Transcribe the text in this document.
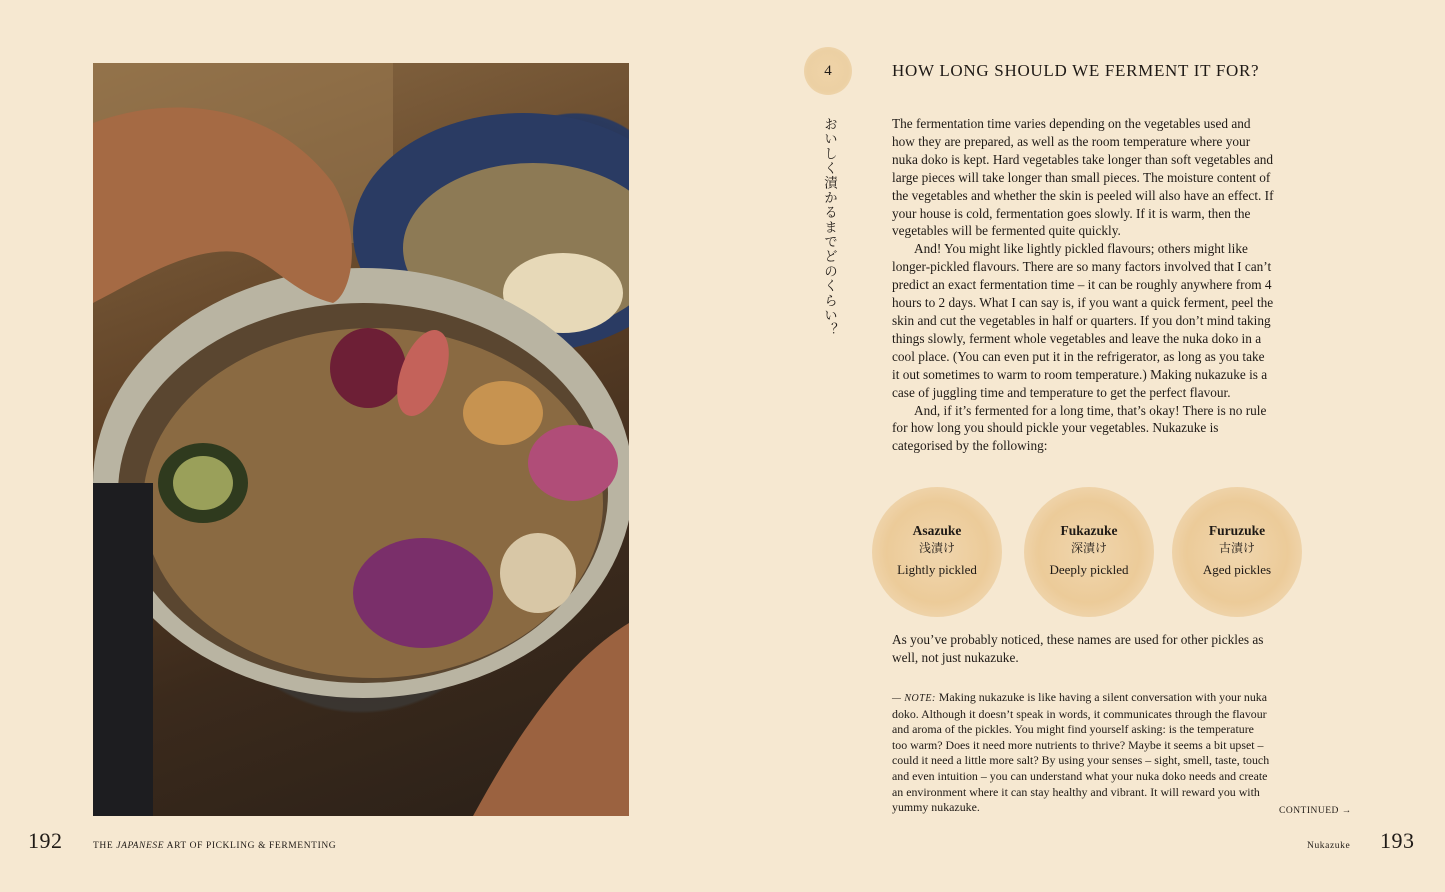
192	THE JAPANESE ART OF PICKLING & FERMENTING
4
おいしく漬かるまでどのくらい？
HOW LONG SHOULD WE FERMENT IT FOR?

The fermentation time varies depending on the vegetables used and how they are prepared, as well as the room temperature where your nuka doko is kept. Hard vegetables take longer than soft vegetables and large pieces will take longer than small pieces. The moisture content of the vegetables and whether the skin is peeled will also have an effect. If your house is cold, fermentation goes slowly. If it is warm, then the vegetables will be fermented quite quickly.

And! You might like lightly pickled flavours; others might like longer-pickled flavours. There are so many factors involved that I can’t predict an exact fermentation time – it can be roughly anywhere from 4 hours to 2 days. What I can say is, if you want a quick ferment, peel the skin and cut the vegetables in half or quarters. If you don’t mind taking things slowly, ferment whole vegetables and leave the nuka doko in a cool place. (You can even put it in the refrigerator, as long as you take it out sometimes to warm to room temperature.) Making nukazuke is a case of juggling time and temperature to get the perfect flavour.

And, if it’s fermented for a long time, that’s okay! There is no rule for how long you should pickle your vegetables. Nukazuke is categorised by the following:

Asazuke
浅漬け
Lightly pickled
Fukazuke
深漬け
Deeply pickled
Furuzuke
古漬け
Aged pickles
As you’ve probably noticed, these names are used for other pickles as well, not just nukazuke.
— NOTE: Making nukazuke is like having a silent conversation with your nuka doko. Although it doesn’t speak in words, it communicates through the flavour and aroma of the pickles. You might find yourself asking: is the temperature too warm? Does it need more nutrients to thrive? Maybe it seems a bit upset – could it need a little more salt? By using your senses – sight, smell, taste, touch and even intuition – you can understand what your nuka doko needs and create an environment where it can stay healthy and vibrant. It will reward you with yummy nukazuke.	CONTINUED →
Nukazuke 193
